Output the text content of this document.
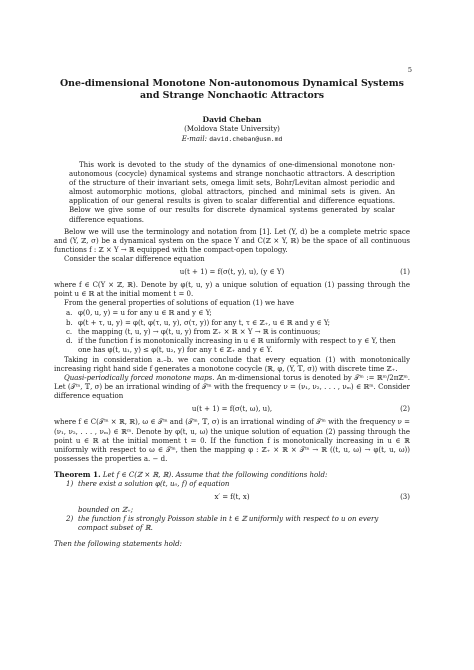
5
One-dimensional Monotone Non-autonomous Dynamical Systems
and Strange Nonchaotic Attractors
David Cheban
(Moldova State University)
E-mail: david.cheban@usm.md

This work is devoted to the study of the dynamics of one-dimensional monotone non-autonomous (cocycle) dynamical systems and strange nonchaotic attractors. A description of the structure of their invariant sets, omega limit sets, Bohr/Levitan almost periodic and almost automorphic motions, global attractors, pinched and minimal sets is given. An application of our general results is given to scalar differential and difference equations. Below we give some of our results for discrete dynamical systems generated by scalar difference equations.

Below we will use the terminology and notation from [1]. Let (Y, d) be a complete metric space and (Y, ℤ, σ) be a dynamical system on the space Y and C(ℤ × Y, ℝ) be the space of all continuous functions f : ℤ × Y → ℝ equipped with the compact-open topology.

Consider the scalar difference equation

u(t + 1) = f(σ(t, y), u), (y ∈ Y)	(1)

where f ∈ C(Y × ℤ, ℝ). Denote by φ(t, u, y) a unique solution of equation (1) passing through the point u ∈ ℝ at the initial moment t = 0.

From the general properties of solutions of equation (1) we have

a. φ(0, u, y) = u for any u ∈ ℝ and y ∈ Y;
b. φ(t + τ, u, y) = φ(t, φ(τ, u, y), σ(τ, y)) for any t, τ ∈ ℤ₊, u ∈ ℝ and y ∈ Y;
c. the mapping (t, u, y) → φ(t, u, y) from ℤ₊ × ℝ × Y → ℝ is continuous;
d. if the function f is monotonically increasing in u ∈ ℝ uniformly with respect to y ∈ Y, then one has φ(t, u₁, y) ≤ φ(t, u₂, y) for any t ∈ ℤ₊ and y ∈ Y.

Taking in consideration a.–b. we can conclude that every equation (1) with monotonically increasing right hand side f generates a monotone cocycle ⟨ℝ, φ, (Y, 𝕋, σ)⟩ with discrete time ℤ₊.

Quasi-periodically forced monotone maps. An m-dimensional torus is denoted by 𝒯ᵐ := ℝᵐ/2πℤᵐ. Let (𝒯ᵐ, 𝕋, σ) be an irrational winding of 𝒯ᵐ with the frequency ν = (ν₁, ν₂, . . . , νₘ) ∈ ℝᵐ. Consider difference equation

u(t + 1) = f(σ(t, ω), u),	(2)

where f ∈ C(𝒯ᵐ × ℝ, ℝ), ω ∈ 𝒯ᵐ and (𝒯ᵐ, 𝕋, σ) is an irrational winding of 𝒯ᵐ with the frequency ν = (ν₁, ν₂, . . . , νₘ) ∈ ℝᵐ. Denote by φ(t, u, ω) the unique solution of equation (2) passing through the point u ∈ ℝ at the initial moment t = 0. If the function f is monotonically increasing in u ∈ ℝ uniformly with respect to ω ∈ 𝒯ᵐ, then the mapping φ : ℤ₊ × ℝ × 𝒯ᵐ → ℝ ((t, u, ω) → φ(t, u, ω)) possesses the properties a. − d.

Theorem 1. Let f ∈ C(ℤ × ℝ, ℝ). Assume that the following conditions hold:

1) there exist a solution φ(t, u₀, f) of equation
x′ = f(t, x)	(3)
bounded on ℤ₊;
2) the function f is strongly Poisson stable in t ∈ ℤ uniformly with respect to u on every compact subset of ℝ.

Then the following statements hold:
